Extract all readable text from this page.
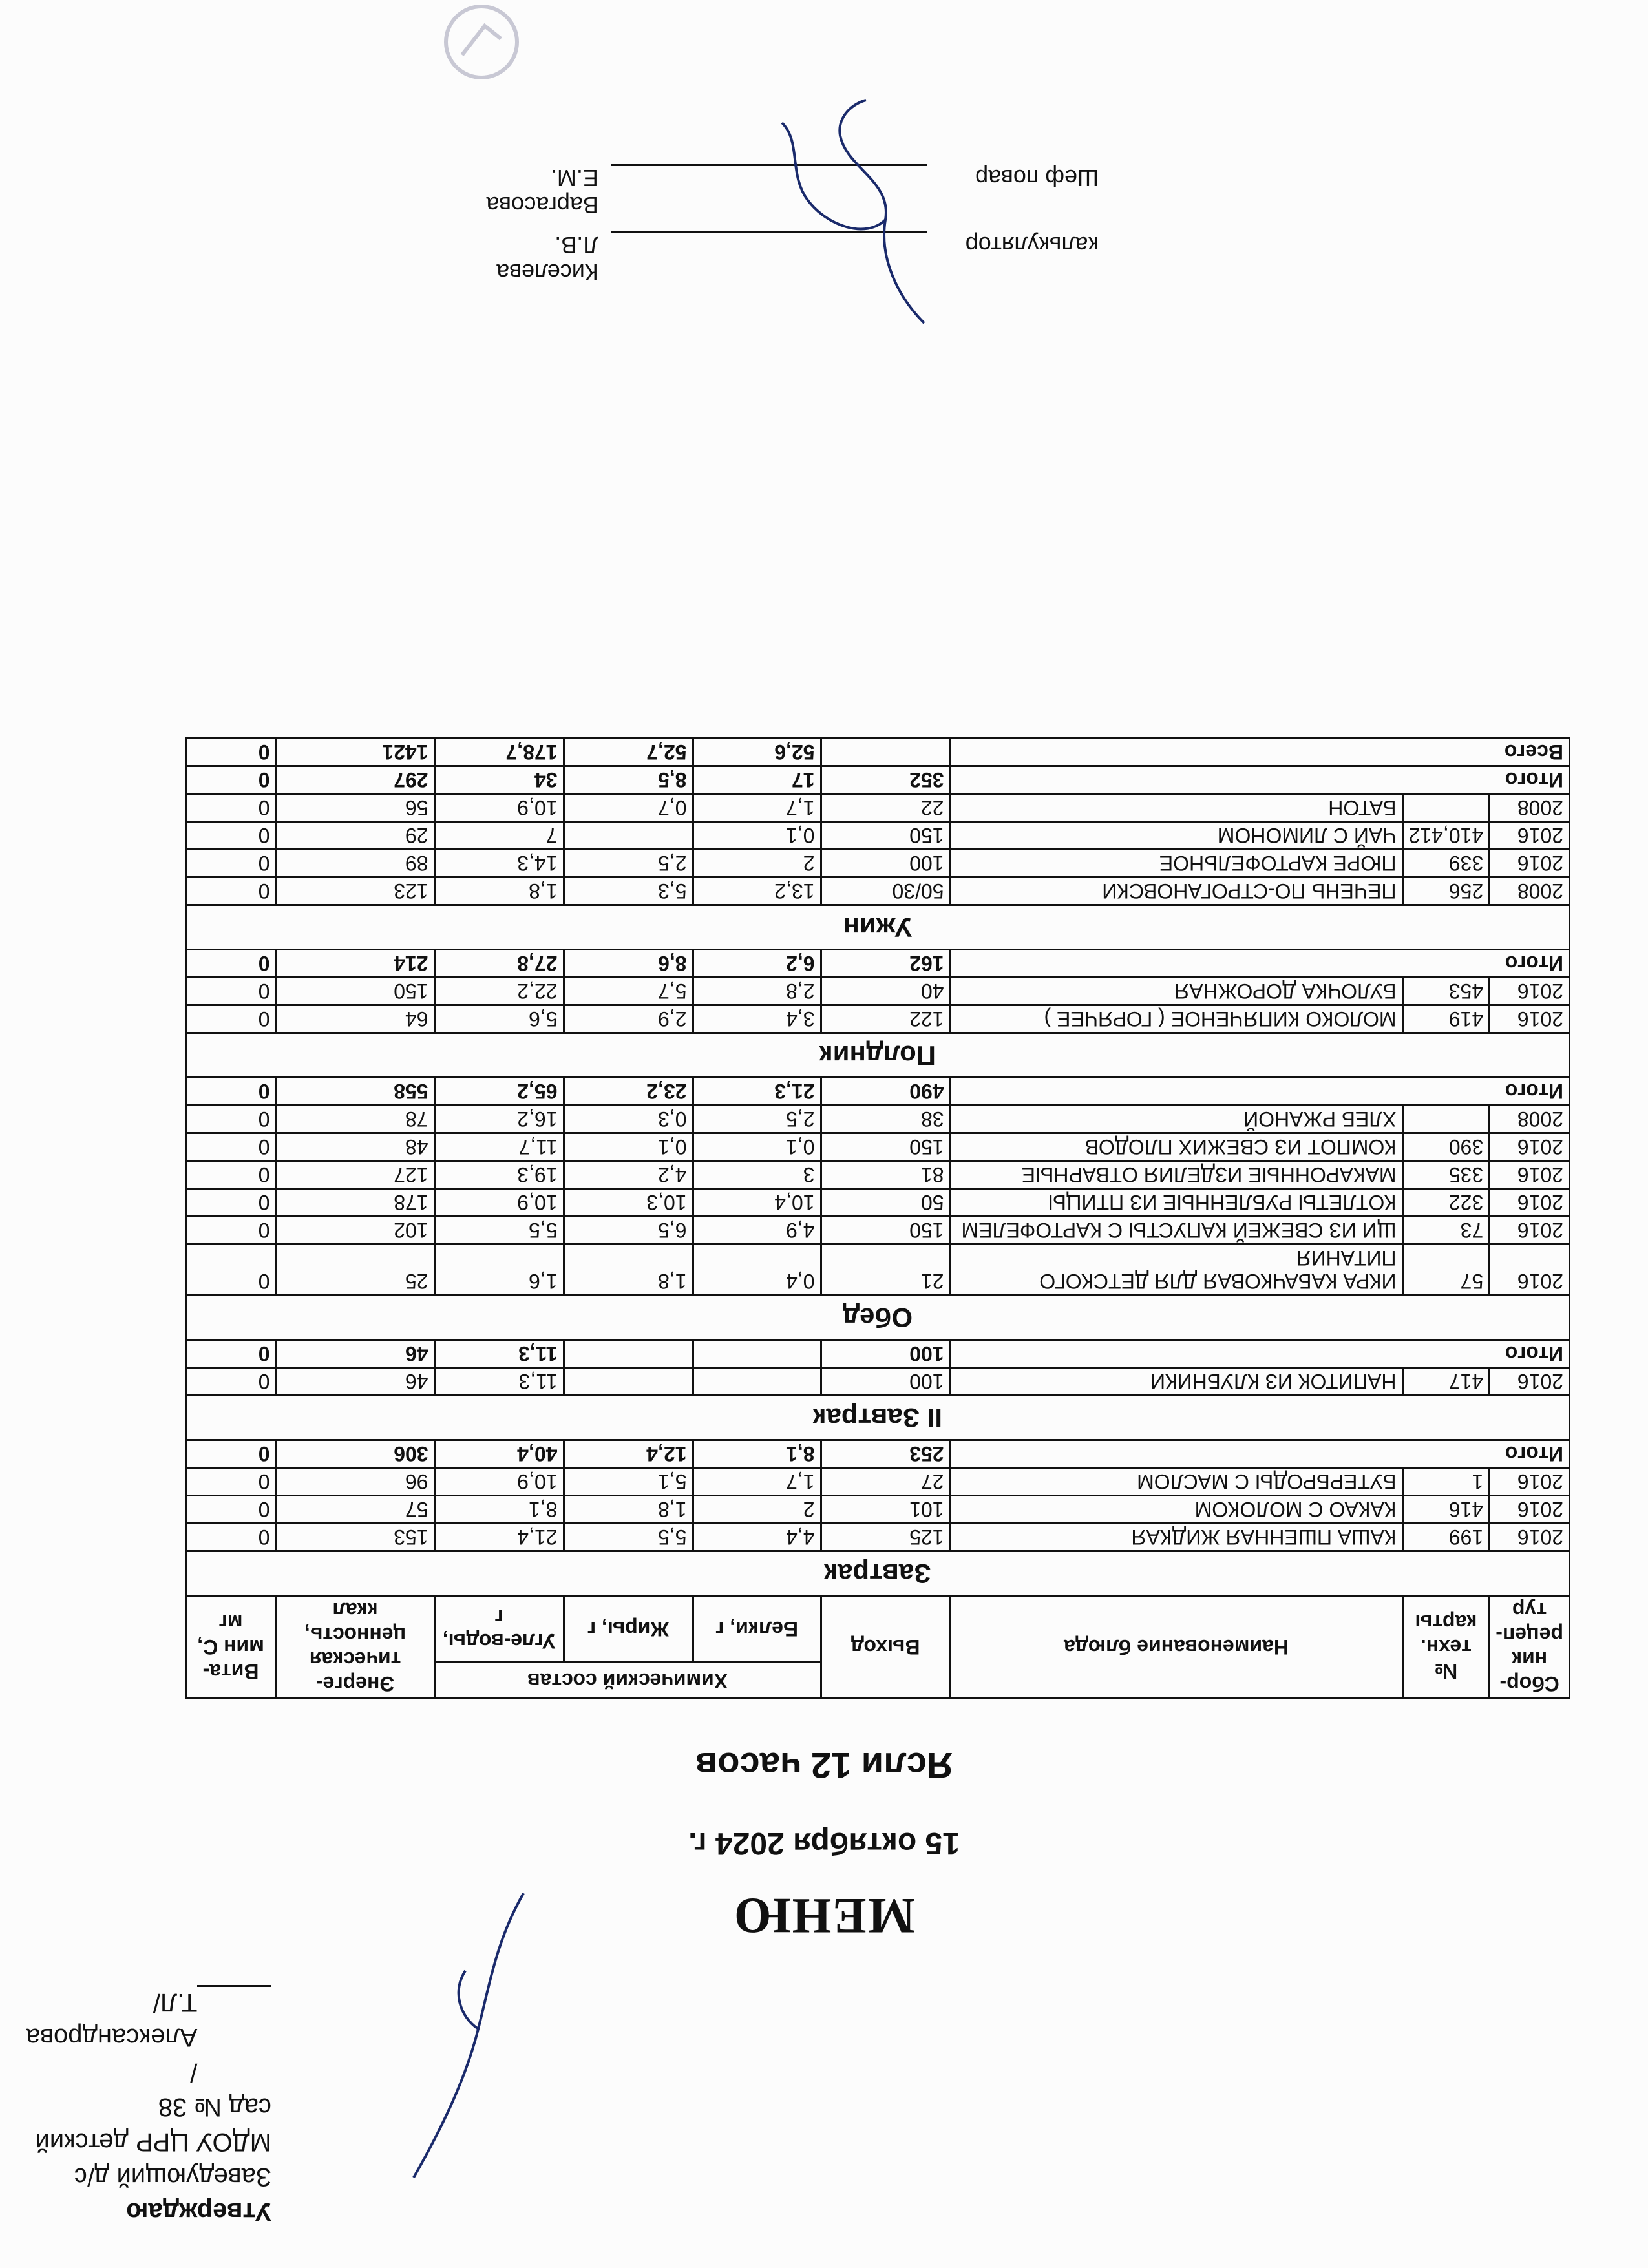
Утверждаю
Заведующий д/с
МДОУ ЦРР детский сад № 38
/Александрова Т.Л/
МЕНЮ
15 октября 2024 г.
Ясли 12 часов
Сбор-ник рецеп-тур	№ техн. карты	Наименование блюда	Выход	Химический состав			Энерге-тическая ценность, ккал	Вита-мин С, мг
				Белки, г	Жиры, г	Угле-воды, г		
Завтрак								
2016	199	КАША ПШЕННАЯ ЖИДКАЯ	125	4,4	5,5	21,4	153	0
2016	416	КАКАО С МОЛОКОМ	101	2	1,8	8,1	57	0
2016	1	БУТЕРБРОДЫ С МАСЛОМ	27	1,7	5,1	10,9	96	0
Итого			253	8,1	12,4	40,4	306	0
II Завтрак								
2016	417	НАПИТОК ИЗ КЛУБНИКИ	100			11,3	46	0
Итого			100			11,3	46	0
Обед								
2016	57	ИКРА КАБАЧКОВАЯ ДЛЯ ДЕТСКОГО ПИТАНИЯ	21	0,4	1,8	1,6	25	0
2016	73	ЩИ ИЗ СВЕЖЕЙ КАПУСТЫ С КАРТОФЕЛЕМ	150	4,9	6,5	5,5	102	0
2016	322	КОТЛЕТЫ РУБЛЕННЫЕ ИЗ ПТИЦЫ	50	10,4	10,3	10,9	178	0
2016	335	МАКАРОННЫЕ ИЗДЕЛИЯ ОТВАРНЫЕ	81	3	4,2	19,3	127	0
2016	390	КОМПОТ ИЗ СВЕЖИХ ПЛОДОВ	150	0,1	0,1	11,7	48	0
2008		ХЛЕБ РЖАНОЙ	38	2,5	0,3	16,2	78	0
Итого			490	21,3	23,2	65,2	558	0
Полдник								
2016	419	МОЛОКО КИПЯЧЕНОЕ ( ГОРЯЧЕЕ )	122	3,4	2,9	5,6	64	0
2016	453	БУЛОЧКА ДОРОЖНАЯ	40	2,8	5,7	22,2	150	0
Итого			162	6,2	8,6	27,8	214	0
Ужин								
2008	256	ПЕЧЕНЬ ПО-СТРОГАНОВСКИ	50/30	13,2	5,3	1,8	123	0
2016	339	ПЮРЕ КАРТОФЕЛЬНОЕ	100	2	2,5	14,3	89	0
2016	410,412	ЧАЙ С ЛИМОНОМ	150	0,1		7	29	0
2008		БАТОН	22	1,7	0,7	10,9	56	0
Итого			352	17	8,5	34	297	0
Всего				52,6	52,7	178,7	1421	0
калькулятор
Киселева Л.В.
Шеф повар
Варгасова Е.М.
